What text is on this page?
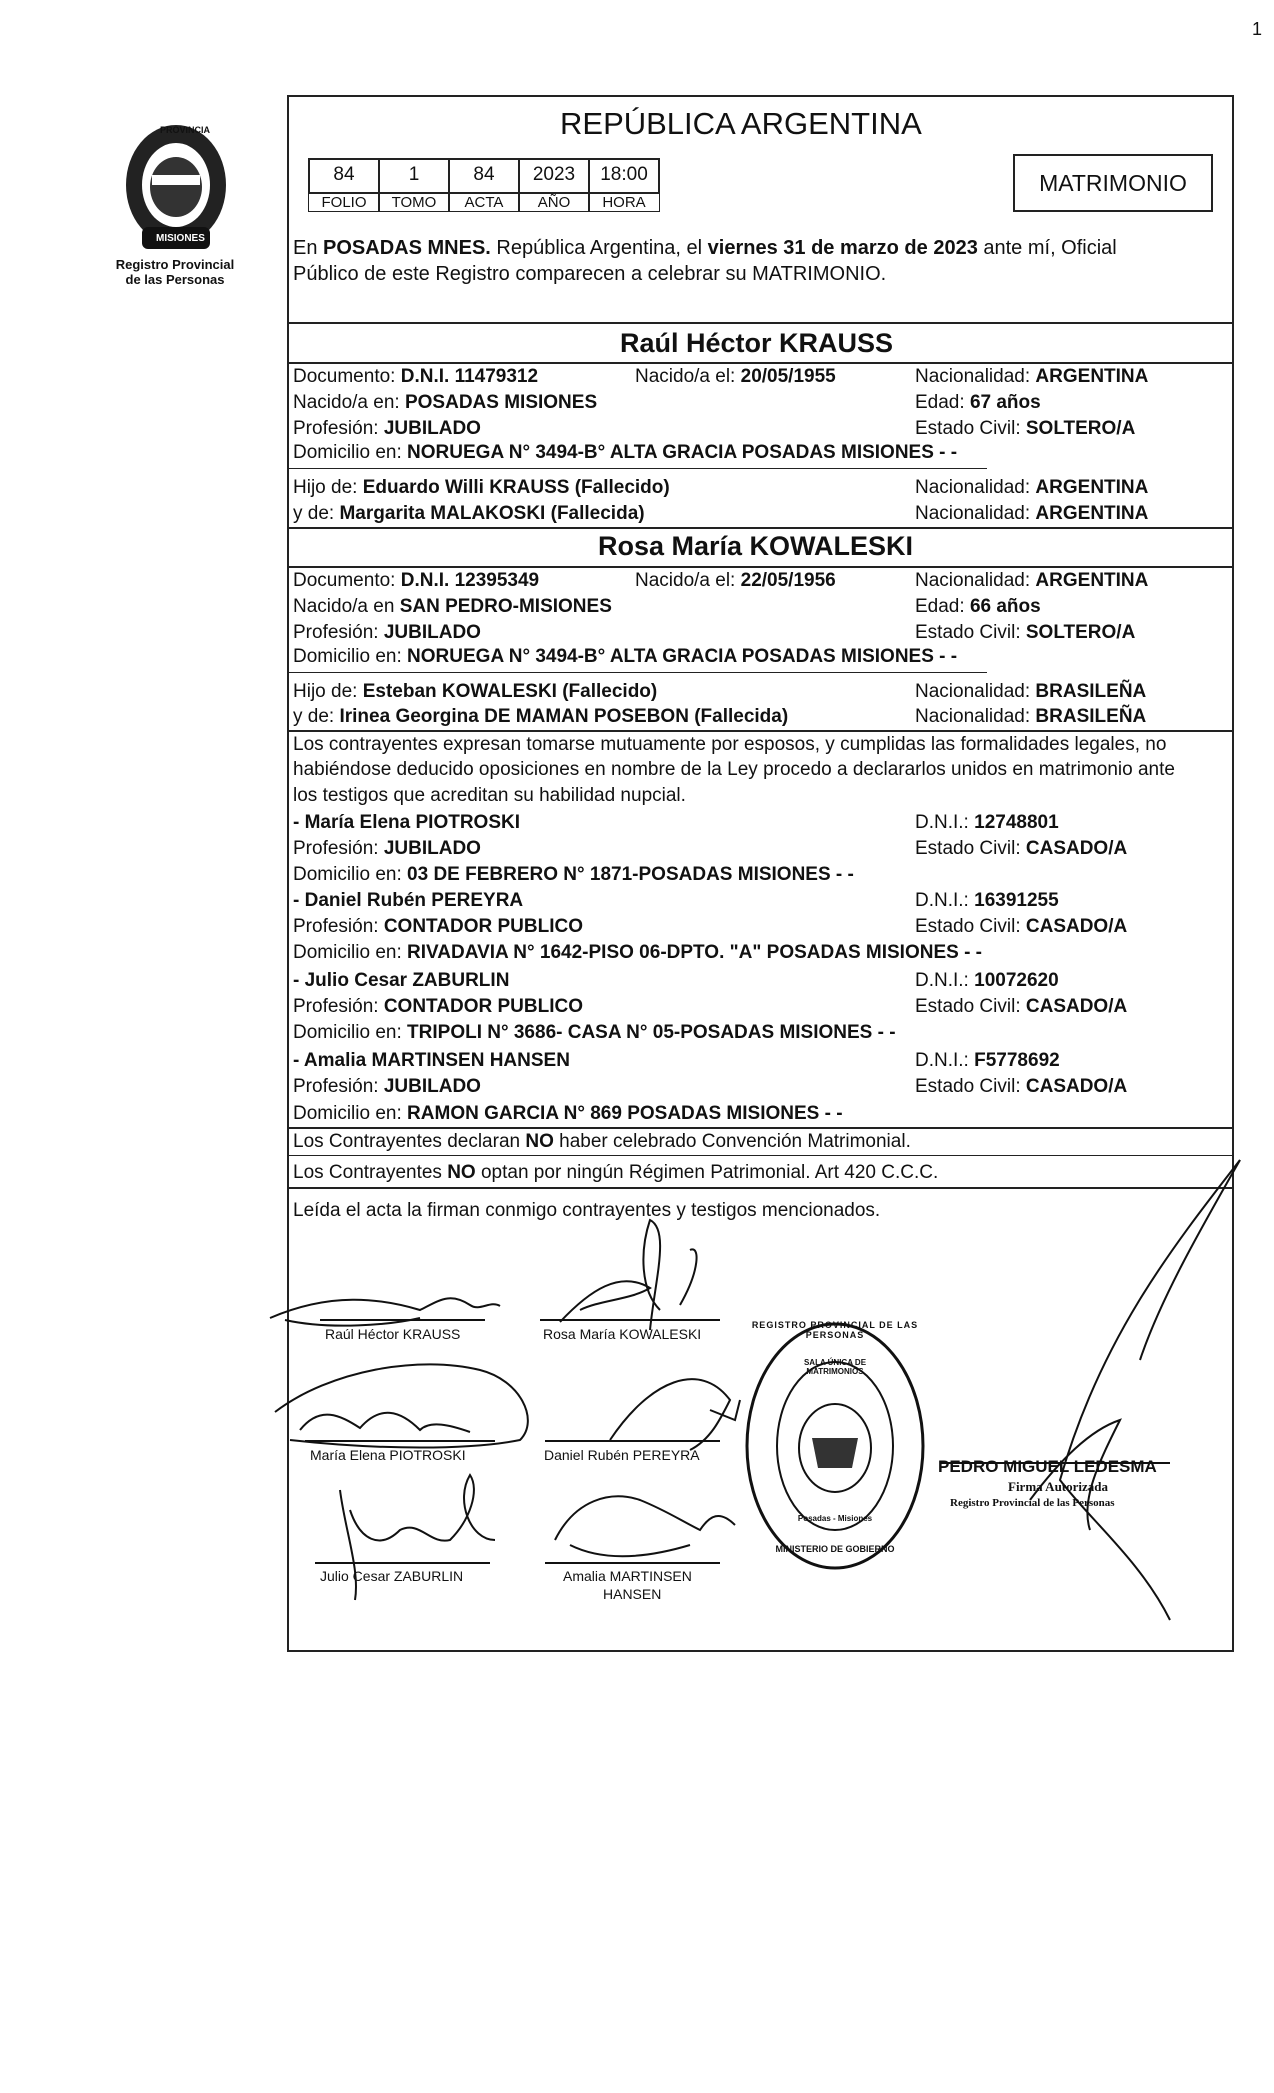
1
PROVINCIA
MISIONES
Registro Provincial
de las Personas
REPÚBLICA ARGENTINA
84	1	84	2023	18:00
FOLIO	TOMO	ACTA	AÑO	HORA
MATRIMONIO
En POSADAS MNES. República Argentina, el viernes 31 de marzo de 2023 ante mí, Oficial
Público de este Registro comparecen a celebrar su MATRIMONIO.
Raúl Héctor KRAUSS
Documento: D.N.I. 11479312	Nacido/a el: 20/05/1955	Nacionalidad: ARGENTINA
Nacido/a en: POSADAS MISIONES	Edad: 67 años
Profesión: JUBILADO	Estado Civil: SOLTERO/A
Domicilio en: NORUEGA N° 3494-B° ALTA GRACIA POSADAS MISIONES - -
Hijo de: Eduardo Willi KRAUSS (Fallecido)	Nacionalidad: ARGENTINA
y de: Margarita MALAKOSKI (Fallecida)	Nacionalidad: ARGENTINA
Rosa María KOWALESKI
Documento: D.N.I. 12395349	Nacido/a el: 22/05/1956	Nacionalidad: ARGENTINA
Nacido/a en SAN PEDRO-MISIONES	Edad: 66 años
Profesión: JUBILADO	Estado Civil: SOLTERO/A
Domicilio en: NORUEGA N° 3494-B° ALTA GRACIA POSADAS MISIONES - -
Hijo de: Esteban KOWALESKI (Fallecido)	Nacionalidad: BRASILEÑA
y de: Irinea Georgina DE MAMAN POSEBON (Fallecida)	Nacionalidad: BRASILEÑA
Los contrayentes expresan tomarse mutuamente por esposos, y cumplidas las formalidades legales, no
habiéndose deducido oposiciones en nombre de la Ley procedo a declararlos unidos en matrimonio ante
los testigos que acreditan su habilidad nupcial.
- María Elena PIOTROSKI	D.N.I.: 12748801
Profesión: JUBILADO	Estado Civil: CASADO/A
Domicilio en: 03 DE FEBRERO N° 1871-POSADAS MISIONES - -
- Daniel Rubén PEREYRA	D.N.I.: 16391255
Profesión: CONTADOR PUBLICO	Estado Civil: CASADO/A
Domicilio en: RIVADAVIA N° 1642-PISO 06-DPTO. "A" POSADAS MISIONES - -
- Julio Cesar ZABURLIN	D.N.I.: 10072620
Profesión: CONTADOR PUBLICO	Estado Civil: CASADO/A
Domicilio en: TRIPOLI N° 3686- CASA N° 05-POSADAS MISIONES - -
- Amalia MARTINSEN HANSEN	D.N.I.: F5778692
Profesión: JUBILADO	Estado Civil: CASADO/A
Domicilio en: RAMON GARCIA N° 869 POSADAS MISIONES - -
Los Contrayentes declaran NO haber celebrado Convención Matrimonial.
Los Contrayentes NO optan por ningún Régimen Patrimonial. Art 420 C.C.C.
Leída el acta la firman conmigo contrayentes y testigos mencionados.
Raúl Héctor KRAUSS	Rosa María KOWALESKI
María Elena PIOTROSKI	Daniel Rubén PEREYRA
Julio Cesar ZABURLIN	Amalia MARTINSEN
HANSEN
REGISTRO PROVINCIAL DE LAS PERSONAS
SALA ÚNICA DE MATRIMONIOS
Posadas - Misiones
MINISTERIO DE GOBIERNO
PEDRO MIGUEL LEDESMA
Firma Autorizada
Registro Provincial de las Personas
